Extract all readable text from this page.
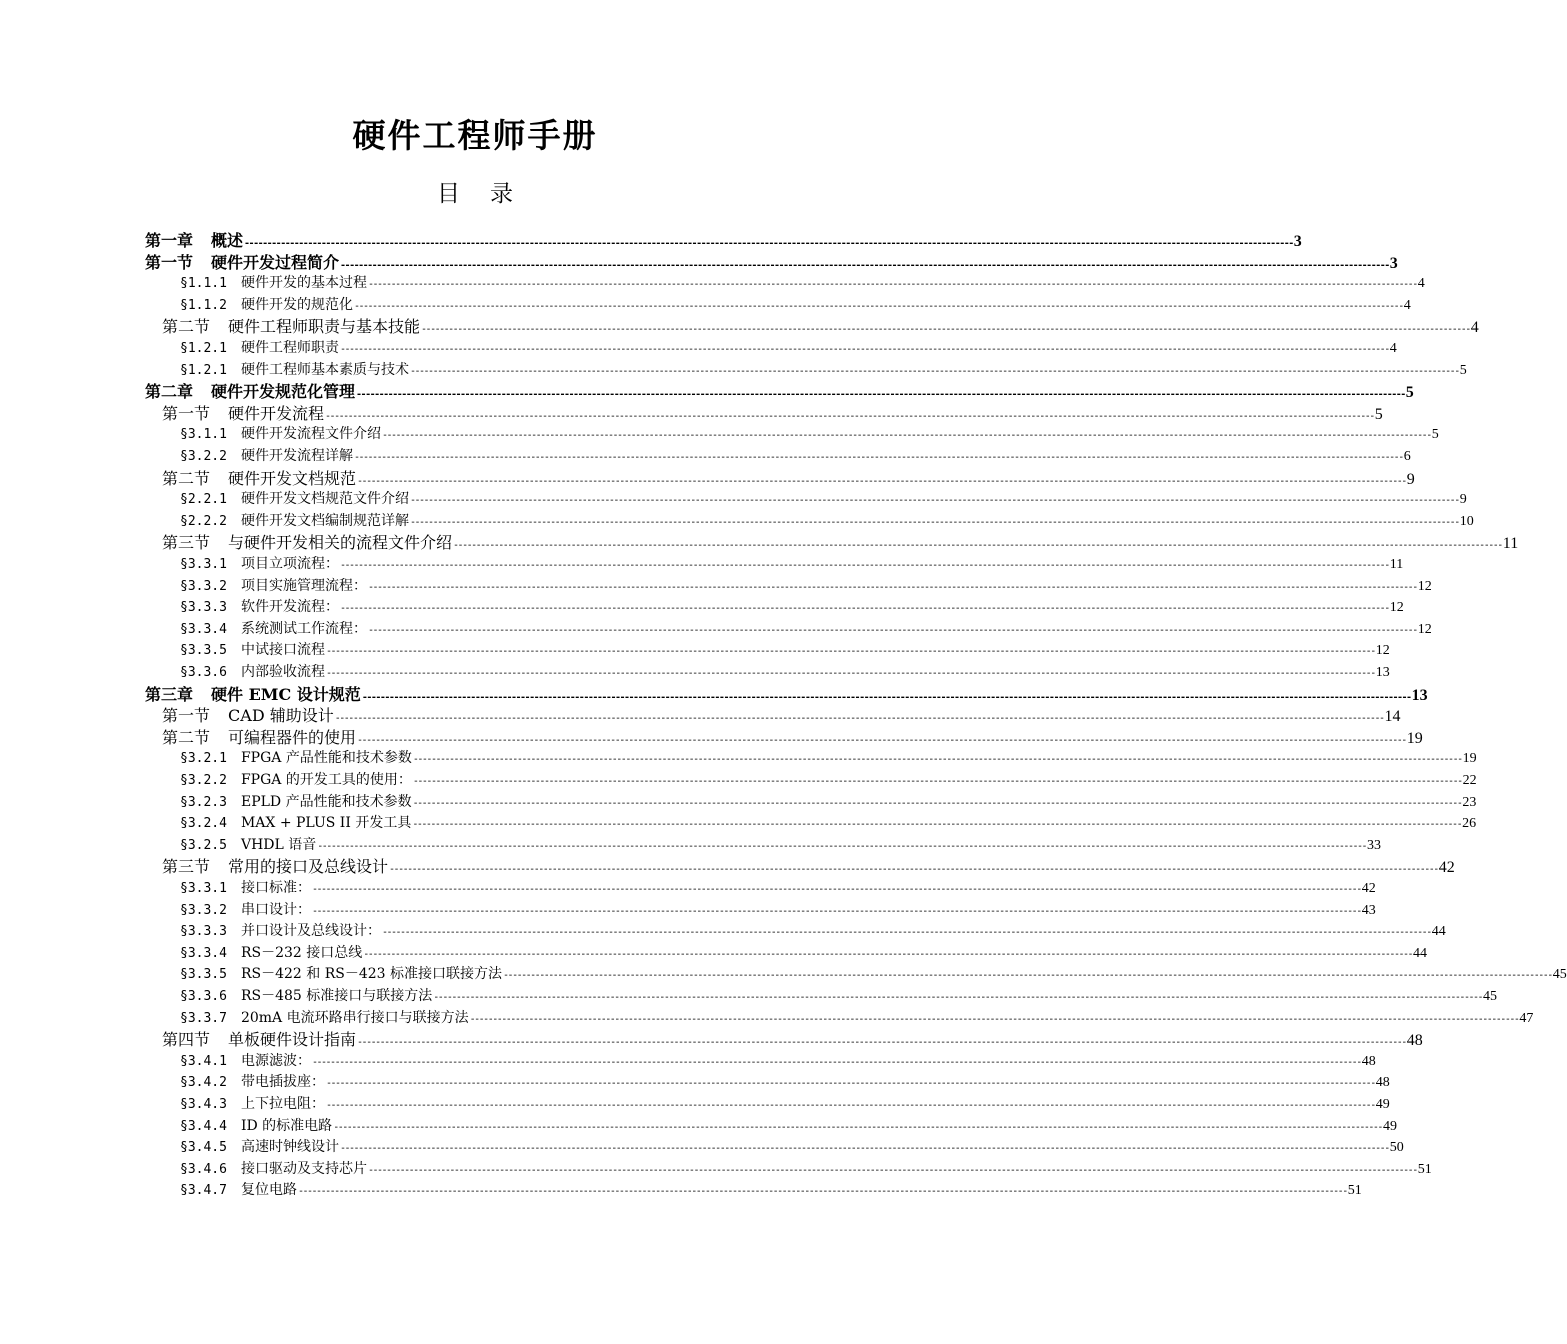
硬件工程师手册
目录
第一章	概述 ---------------------------------------------------------------------------------------------------------------------------------------------------------------------------------------------------------------------------------------- 3
第一节	硬件开发过程简介 ---------------------------------------------------------------------------------------------------------------------------------------------------------------------------------------------------------------------------------------- 3
§1.1.1	硬件开发的基本过程 ---------------------------------------------------------------------------------------------------------------------------------------------------------------------------------------------------------------------------------------- 4
§1.1.2	硬件开发的规范化 ---------------------------------------------------------------------------------------------------------------------------------------------------------------------------------------------------------------------------------------- 4
第二节	硬件工程师职责与基本技能 ---------------------------------------------------------------------------------------------------------------------------------------------------------------------------------------------------------------------------------------- 4
§1.2.1	硬件工程师职责 ---------------------------------------------------------------------------------------------------------------------------------------------------------------------------------------------------------------------------------------- 4
§1.2.1	硬件工程师基本素质与技术 ---------------------------------------------------------------------------------------------------------------------------------------------------------------------------------------------------------------------------------------- 5
第二章	硬件开发规范化管理 ---------------------------------------------------------------------------------------------------------------------------------------------------------------------------------------------------------------------------------------- 5
第一节	硬件开发流程 ---------------------------------------------------------------------------------------------------------------------------------------------------------------------------------------------------------------------------------------- 5
§3.1.1	硬件开发流程文件介绍 ---------------------------------------------------------------------------------------------------------------------------------------------------------------------------------------------------------------------------------------- 5
§3.2.2	硬件开发流程详解 ---------------------------------------------------------------------------------------------------------------------------------------------------------------------------------------------------------------------------------------- 6
第二节	硬件开发文档规范 ---------------------------------------------------------------------------------------------------------------------------------------------------------------------------------------------------------------------------------------- 9
§2.2.1	硬件开发文档规范文件介绍 ---------------------------------------------------------------------------------------------------------------------------------------------------------------------------------------------------------------------------------------- 9
§2.2.2	硬件开发文档编制规范详解 ---------------------------------------------------------------------------------------------------------------------------------------------------------------------------------------------------------------------------------------- 10
第三节	与硬件开发相关的流程文件介绍 ---------------------------------------------------------------------------------------------------------------------------------------------------------------------------------------------------------------------------------------- 11
§3.3.1	项目立项流程： ---------------------------------------------------------------------------------------------------------------------------------------------------------------------------------------------------------------------------------------- 11
§3.3.2	项目实施管理流程： ---------------------------------------------------------------------------------------------------------------------------------------------------------------------------------------------------------------------------------------- 12
§3.3.3	软件开发流程： ---------------------------------------------------------------------------------------------------------------------------------------------------------------------------------------------------------------------------------------- 12
§3.3.4	系统测试工作流程： ---------------------------------------------------------------------------------------------------------------------------------------------------------------------------------------------------------------------------------------- 12
§3.3.5	中试接口流程 ---------------------------------------------------------------------------------------------------------------------------------------------------------------------------------------------------------------------------------------- 12
§3.3.6	内部验收流程 ---------------------------------------------------------------------------------------------------------------------------------------------------------------------------------------------------------------------------------------- 13
第三章	硬件 EMC 设计规范 ---------------------------------------------------------------------------------------------------------------------------------------------------------------------------------------------------------------------------------------- 13
第一节	CAD 辅助设计 ---------------------------------------------------------------------------------------------------------------------------------------------------------------------------------------------------------------------------------------- 14
第二节	可编程器件的使用 ---------------------------------------------------------------------------------------------------------------------------------------------------------------------------------------------------------------------------------------- 19
§3.2.1	FPGA 产品性能和技术参数 ---------------------------------------------------------------------------------------------------------------------------------------------------------------------------------------------------------------------------------------- 19
§3.2.2	FPGA 的开发工具的使用： ---------------------------------------------------------------------------------------------------------------------------------------------------------------------------------------------------------------------------------------- 22
§3.2.3	EPLD 产品性能和技术参数 ---------------------------------------------------------------------------------------------------------------------------------------------------------------------------------------------------------------------------------------- 23
§3.2.4	MAX + PLUS II 开发工具 ---------------------------------------------------------------------------------------------------------------------------------------------------------------------------------------------------------------------------------------- 26
§3.2.5	VHDL 语音 ---------------------------------------------------------------------------------------------------------------------------------------------------------------------------------------------------------------------------------------- 33
第三节	常用的接口及总线设计 ---------------------------------------------------------------------------------------------------------------------------------------------------------------------------------------------------------------------------------------- 42
§3.3.1	接口标准： ---------------------------------------------------------------------------------------------------------------------------------------------------------------------------------------------------------------------------------------- 42
§3.3.2	串口设计： ---------------------------------------------------------------------------------------------------------------------------------------------------------------------------------------------------------------------------------------- 43
§3.3.3	并口设计及总线设计： ---------------------------------------------------------------------------------------------------------------------------------------------------------------------------------------------------------------------------------------- 44
§3.3.4	RS－232 接口总线 ---------------------------------------------------------------------------------------------------------------------------------------------------------------------------------------------------------------------------------------- 44
§3.3.5	RS－422 和 RS－423 标准接口联接方法 ---------------------------------------------------------------------------------------------------------------------------------------------------------------------------------------------------------------------------------------- 45
§3.3.6	RS－485 标准接口与联接方法 ---------------------------------------------------------------------------------------------------------------------------------------------------------------------------------------------------------------------------------------- 45
§3.3.7	20mA 电流环路串行接口与联接方法 ---------------------------------------------------------------------------------------------------------------------------------------------------------------------------------------------------------------------------------------- 47
第四节	单板硬件设计指南 ---------------------------------------------------------------------------------------------------------------------------------------------------------------------------------------------------------------------------------------- 48
§3.4.1	电源滤波： ---------------------------------------------------------------------------------------------------------------------------------------------------------------------------------------------------------------------------------------- 48
§3.4.2	带电插拔座： ---------------------------------------------------------------------------------------------------------------------------------------------------------------------------------------------------------------------------------------- 48
§3.4.3	上下拉电阻： ---------------------------------------------------------------------------------------------------------------------------------------------------------------------------------------------------------------------------------------- 49
§3.4.4	ID 的标准电路 ---------------------------------------------------------------------------------------------------------------------------------------------------------------------------------------------------------------------------------------- 49
§3.4.5	高速时钟线设计 ---------------------------------------------------------------------------------------------------------------------------------------------------------------------------------------------------------------------------------------- 50
§3.4.6	接口驱动及支持芯片 ---------------------------------------------------------------------------------------------------------------------------------------------------------------------------------------------------------------------------------------- 51
§3.4.7	复位电路 ---------------------------------------------------------------------------------------------------------------------------------------------------------------------------------------------------------------------------------------- 51
